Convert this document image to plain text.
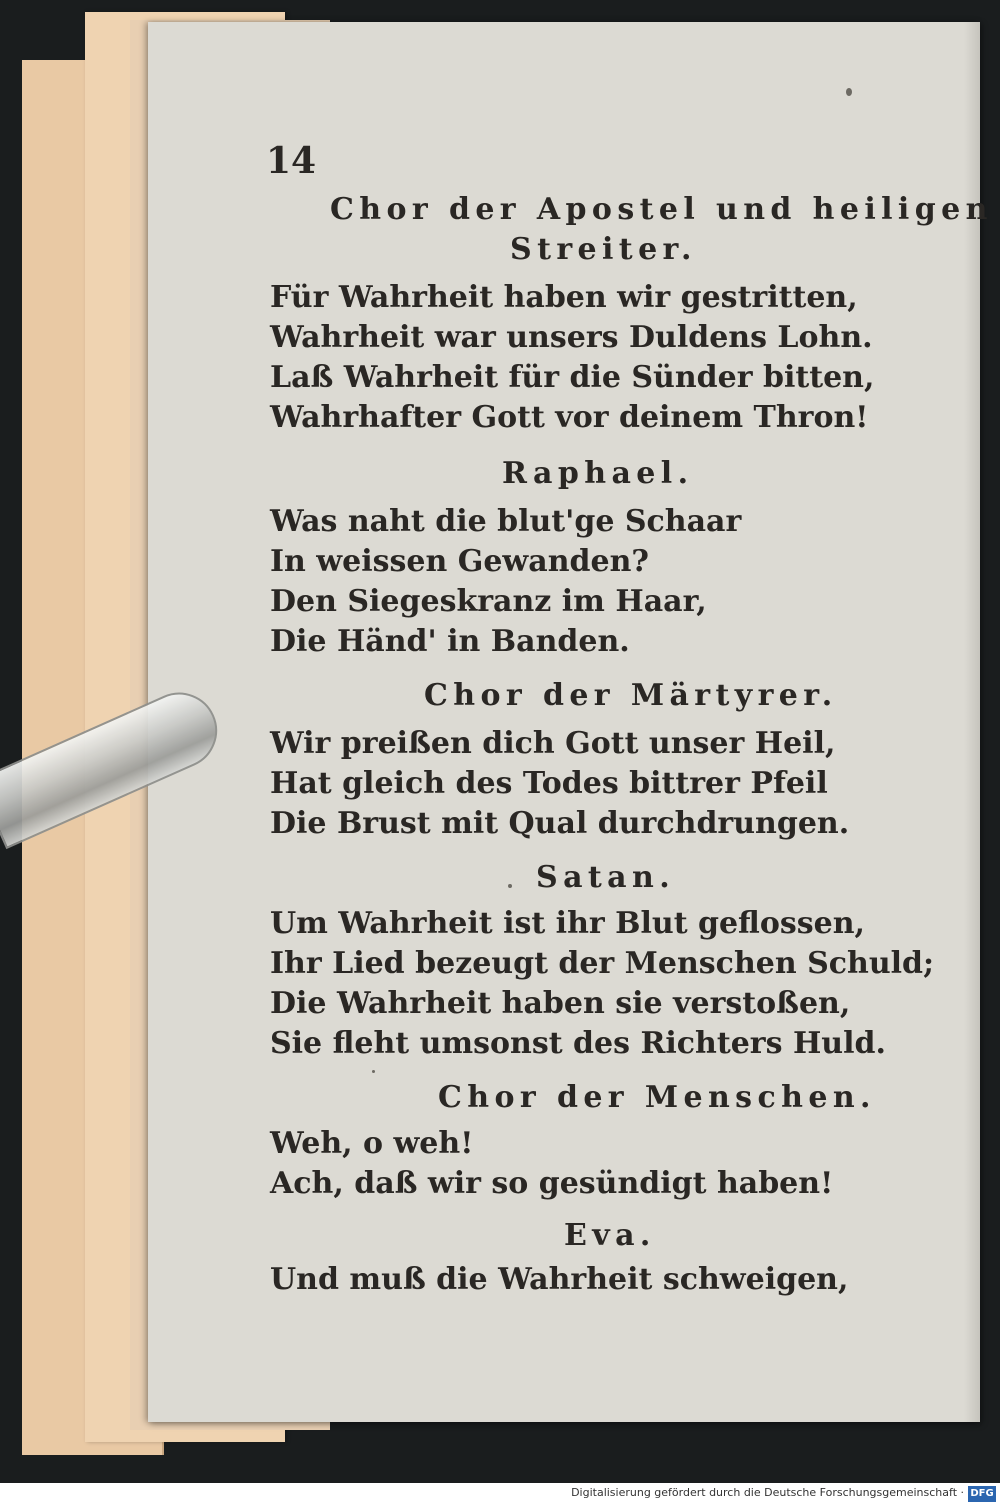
14
Chor der Apostel und heiligen
Streiter.
Für Wahrheit haben wir gestritten,
Wahrheit war unsers Duldens Lohn.
Laß Wahrheit für die Sünder bitten,
Wahrhafter Gott vor deinem Thron!
Raphael.
Was naht die blut'ge Schaar
In weissen Gewanden?
Den Siegeskranz im Haar,
Die Händ' in Banden.
Chor der Märtyrer.
Wir preißen dich Gott unser Heil,
Hat gleich des Todes bittrer Pfeil
Die Brust mit Qual durchdrungen.
Satan.
Um Wahrheit ist ihr Blut geflossen,
Ihr Lied bezeugt der Menschen Schuld;
Die Wahrheit haben sie verstoßen,
Sie fleht umsonst des Richters Huld.
Chor der Menschen.
Weh, o weh!
Ach, daß wir so gesündigt haben!
Eva.
Und muß die Wahrheit schweigen,
Digitalisierung gefördert durch die Deutsche Forschungsgemeinschaft · DFG
